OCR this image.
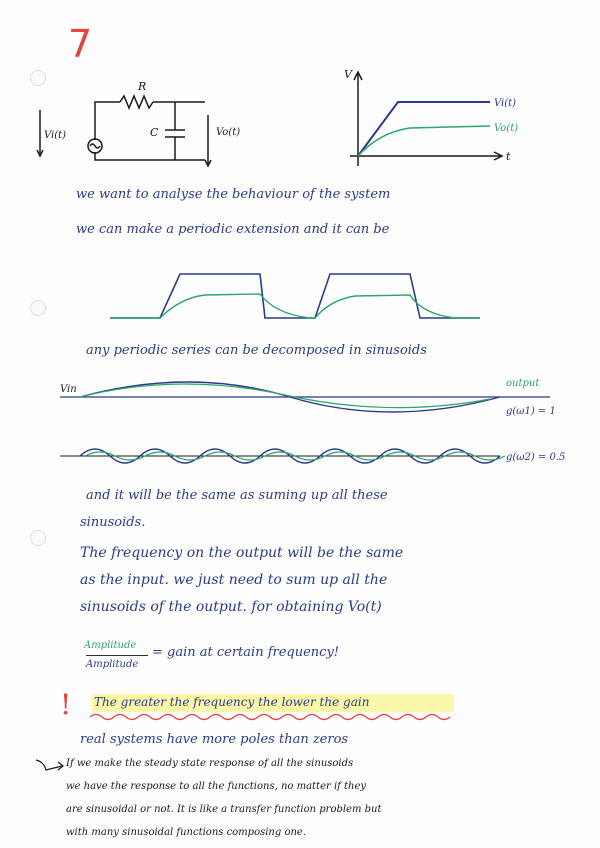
7
R
C
Vi(t)	Vo(t)
V
t
Vi(t)
Vo(t)
we want to analyse the behaviour of the system
we can make a periodic extension and it can be
any periodic series can be decomposed in sinusoids
Vin
output
g(ω1) = 1
g(ω2) = 0.5
and it will be the same as suming up all these
sinusoids.
The frequency on the output will be the same
as the input. we just need to sum up all the
sinusoids of the output. for obtaining Vo(t)
Amplitude
Amplitude
= gain at certain frequency!
! The greater the frequency the lower the gain
real systems have more poles than zeros
If we make the steady state response of all the sinusoids
we have the response to all the functions, no matter if they
are sinusoidal or not. It is like a transfer function problem but
with many sinusoidal functions composing one.
